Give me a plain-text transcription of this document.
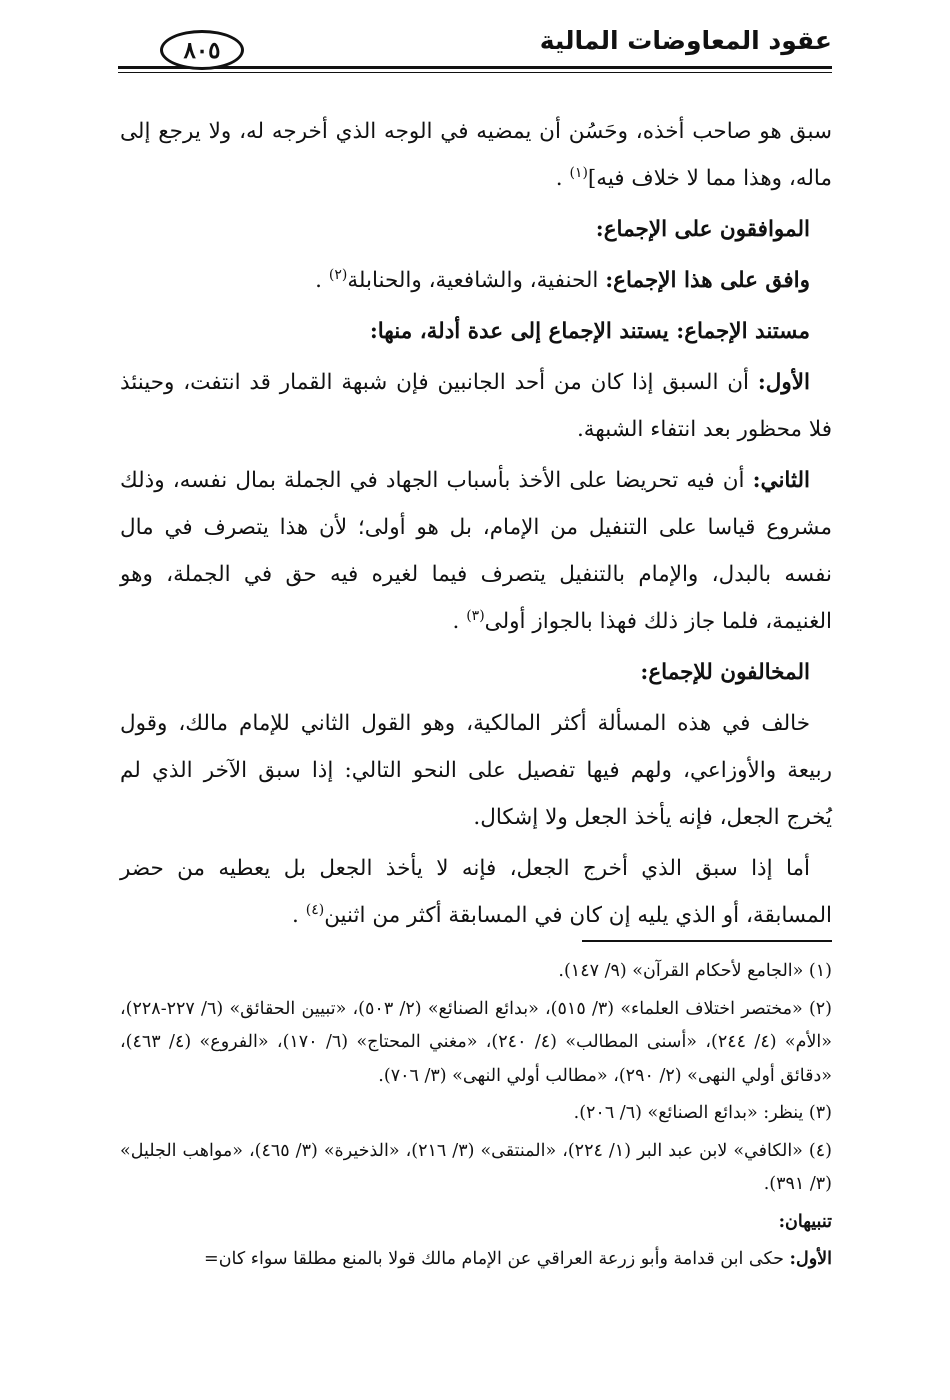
عقود المعاوضات المالية
٨٠٥

سبق هو صاحب أخذه، وحَسُن أن يمضيه في الوجه الذي أخرجه له، ولا يرجع إلى ماله، وهذا مما لا خلاف فيه]$^{(١)}$ .

الموافقون على الإجماع:

وافق على هذا الإجماع: الحنفية، والشافعية، والحنابلة$^{(٢)}$ .

مستند الإجماع: يستند الإجماع إلى عدة أدلة، منها:

الأول: أن السبق إذا كان من أحد الجانبين فإن شبهة القمار قد انتفت، وحينئذ فلا محظور بعد انتفاء الشبهة.

الثاني: أن فيه تحريضا على الأخذ بأسباب الجهاد في الجملة بمال نفسه، وذلك مشروع قياسا على التنفيل من الإمام، بل هو أولى؛ لأن هذا يتصرف في مال نفسه بالبدل، والإمام بالتنفيل يتصرف فيما لغيره فيه حق في الجملة، وهو الغنيمة، فلما جاز ذلك فهذا بالجواز أولى$^{(٣)}$ .

المخالفون للإجماع:

خالف في هذه المسألة أكثر المالكية، وهو القول الثاني للإمام مالك، وقول ربيعة والأوزاعي، ولهم فيها تفصيل على النحو التالي: إذا سبق الآخر الذي لم يُخرج الجعل، فإنه يأخذ الجعل ولا إشكال.

أما إذا سبق الذي أخرج الجعل، فإنه لا يأخذ الجعل بل يعطيه من حضر المسابقة، أو الذي يليه إن كان في المسابقة أكثر من اثنين$^{(٤)}$ .

(١) «الجامع لأحكام القرآن» (٩/ ١٤٧).

(٢) «مختصر اختلاف العلماء» (٣/ ٥١٥)، «بدائع الصنائع» (٢/ ٥٠٣)، «تبيين الحقائق» (٦/ ٢٢٧-٢٢٨)، «الأم» (٤/ ٢٤٤)، «أسنى المطالب» (٤/ ٢٤٠)، «مغني المحتاج» (٦/ ١٧٠)، «الفروع» (٤/ ٤٦٣)، «دقائق أولي النهى» (٢/ ٢٩٠)، «مطالب أولي النهى» (٣/ ٧٠٦).

(٣) ينظر: «بدائع الصنائع» (٦/ ٢٠٦).

(٤) «الكافي» لابن عبد البر (١/ ٢٢٤)، «المنتقى» (٣/ ٢١٦)، «الذخيرة» (٣/ ٤٦٥)، «مواهب الجليل» (٣/ ٣٩١).

تنبيهان:

الأول: حكى ابن قدامة وأبو زرعة العراقي عن الإمام مالك قولا بالمنع مطلقا سواء كان=
